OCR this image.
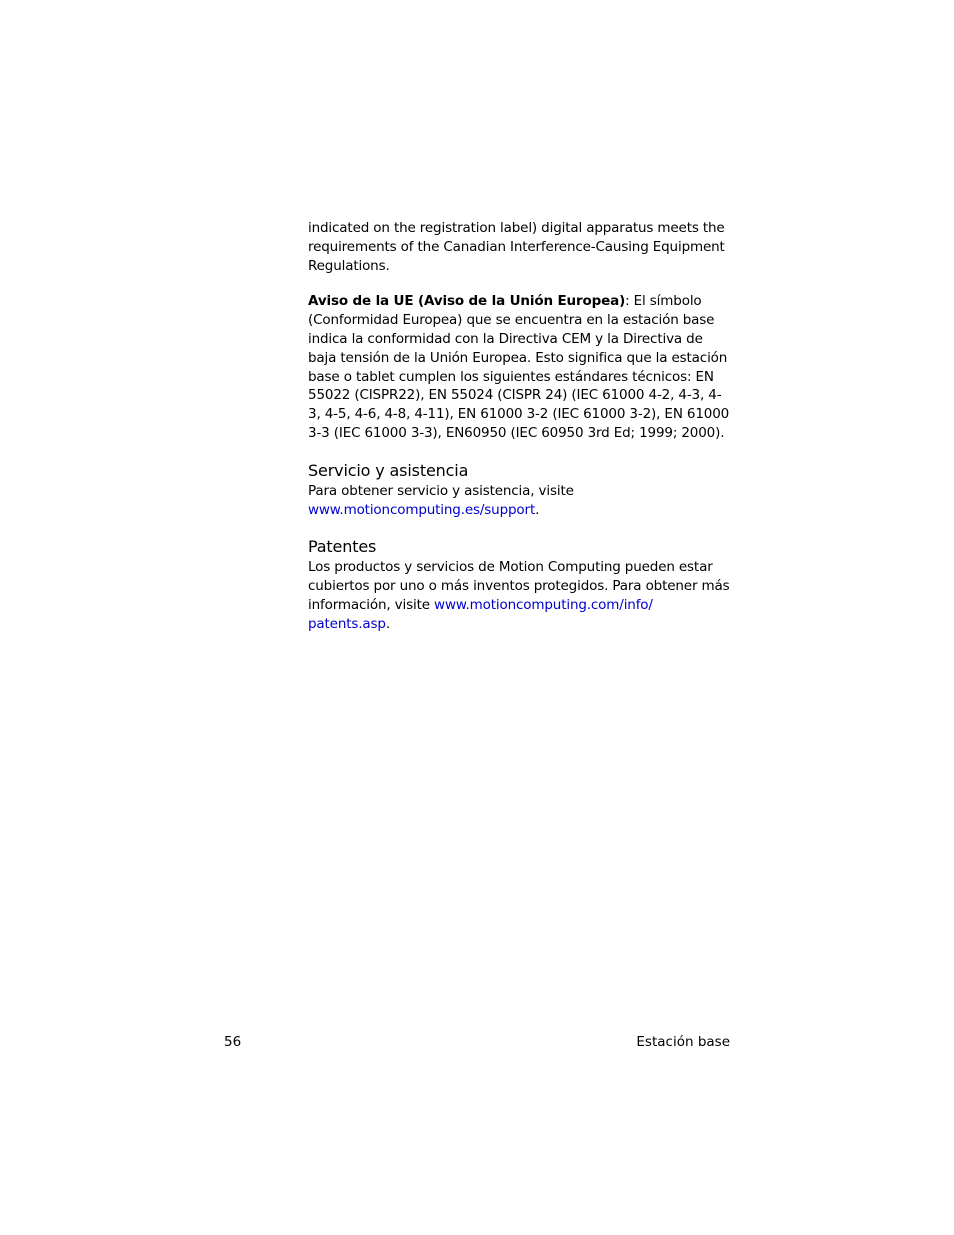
indicated on the registration label) digital apparatus meets the requirements of the Canadian Interference-Causing Equipment Regulations.

Aviso de la UE (Aviso de la Unión Europea): El símbolo (Conformidad Europea) que se encuentra en la estación base indica la conformidad con la Directiva CEM y la Directiva de baja tensión de la Unión Europea. Esto significa que la estación base o tablet cumplen los siguientes estándares técnicos: EN 55022 (CISPR22), EN 55024 (CISPR 24) (IEC 61000 4-2, 4-3, 4-3, 4-5, 4-6, 4-8, 4-11), EN 61000 3-2 (IEC 61000 3-2), EN 61000 3-3 (IEC 61000 3-3), EN60950 (IEC 60950 3rd Ed; 1999; 2000).

Servicio y asistencia

Para obtener servicio y asistencia, visite
www.motioncomputing.es/support.

Patentes

Los productos y servicios de Motion Computing pueden estar cubiertos por uno o más inventos protegidos. Para obtener más información, visite www.motioncomputing.com/info/
patents.asp.

56	Estación base
